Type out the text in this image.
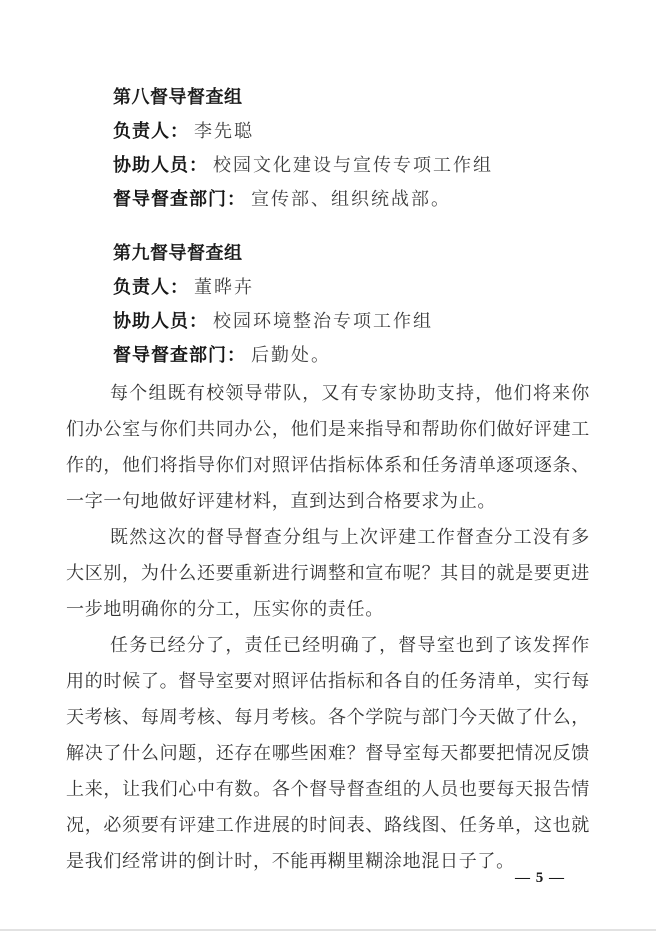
第八督导督查组

负责人： 李先聪

协助人员： 校园文化建设与宣传专项工作组

督导督查部门： 宣传部、组织统战部。

第九督导督查组

负责人： 董晔卉

协助人员： 校园环境整治专项工作组

督导督查部门： 后勤处。

每个组既有校领导带队，又有专家协助支持，他们将来你们办公室与你们共同办公，他们是来指导和帮助你们做好评建工作的，他们将指导你们对照评估指标体系和任务清单逐项逐条、一字一句地做好评建材料，直到达到合格要求为止。

既然这次的督导督查分组与上次评建工作督查分工没有多大区别，为什么还要重新进行调整和宣布呢？其目的就是要更进一步地明确你的分工，压实你的责任。

任务已经分了，责任已经明确了，督导室也到了该发挥作用的时候了。督导室要对照评估指标和各自的任务清单，实行每天考核、每周考核、每月考核。各个学院与部门今天做了什么，解决了什么问题，还存在哪些困难？督导室每天都要把情况反馈上来，让我们心中有数。各个督导督查组的人员也要每天报告情况，必须要有评建工作进展的时间表、路线图、任务单，这也就是我们经常讲的倒计时，不能再糊里糊涂地混日子了。

— 5 —
